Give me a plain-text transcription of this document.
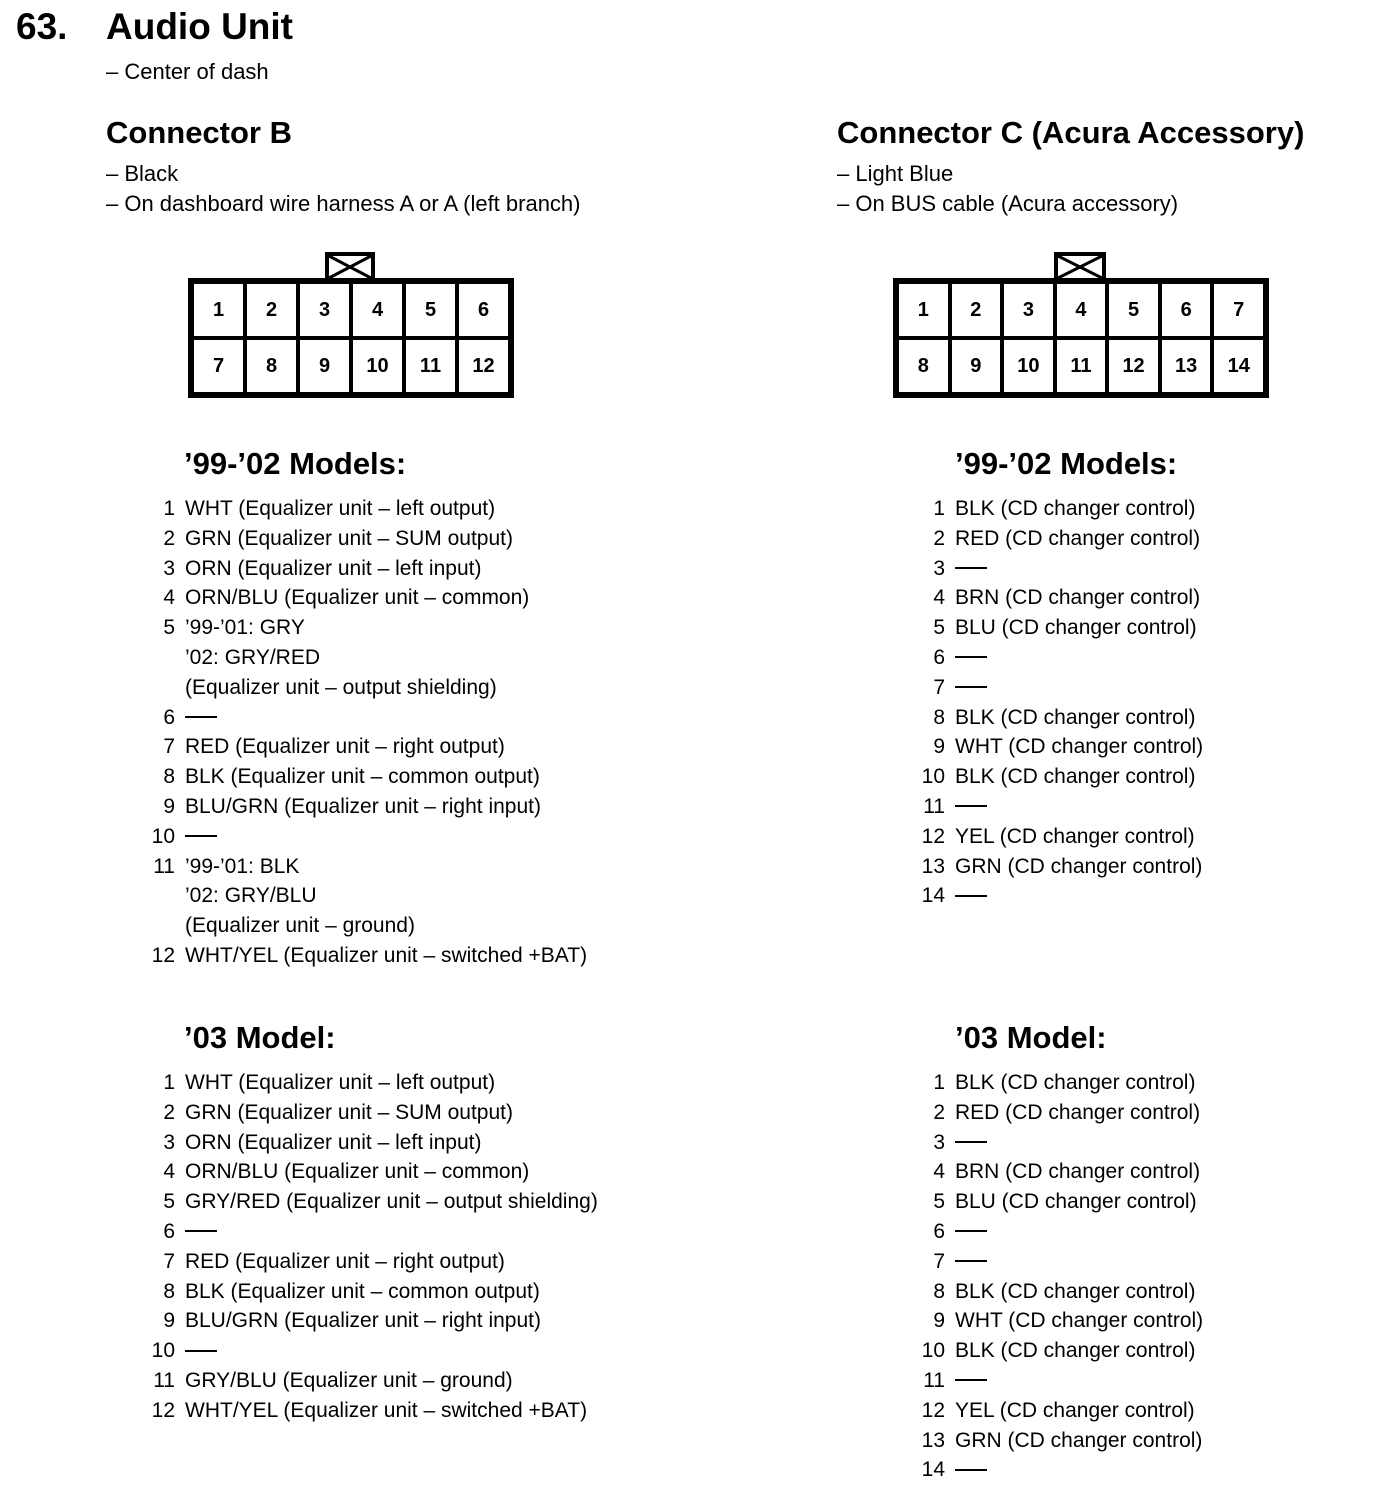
63. Audio Unit
– Center of dash
Connector B
– Black
– On dashboard wire harness A or A (left branch)
Connector C (Acura Accessory)
– Light Blue
– On BUS cable (Acura accessory)
1	2	3	4	5	6
7	8	9	10	11	12
1	2	3	4	5	6	7
8	9	10	11	12	13	14
’99-’02 Models:
1 WHT (Equalizer unit – left output)
2 GRN (Equalizer unit – SUM output)
3 ORN (Equalizer unit – left input)
4 ORN/BLU (Equalizer unit – common)
5 ’99-’01: GRY
’02: GRY/RED
(Equalizer unit – output shielding)
6
7 RED (Equalizer unit – right output)
8 BLK (Equalizer unit – common output)
9 BLU/GRN (Equalizer unit – right input)
10
11 ’99-’01: BLK
’02: GRY/BLU
(Equalizer unit – ground)
12 WHT/YEL (Equalizer unit – switched +BAT)
’03 Model:
1 WHT (Equalizer unit – left output)
2 GRN (Equalizer unit – SUM output)
3 ORN (Equalizer unit – left input)
4 ORN/BLU (Equalizer unit – common)
5 GRY/RED (Equalizer unit – output shielding)
6
7 RED (Equalizer unit – right output)
8 BLK (Equalizer unit – common output)
9 BLU/GRN (Equalizer unit – right input)
10
11 GRY/BLU (Equalizer unit – ground)
12 WHT/YEL (Equalizer unit – switched +BAT)
’99-’02 Models:
1 BLK (CD changer control)
2 RED (CD changer control)
3
4 BRN (CD changer control)
5 BLU (CD changer control)
6
7
8 BLK (CD changer control)
9 WHT (CD changer control)
10 BLK (CD changer control)
11
12 YEL (CD changer control)
13 GRN (CD changer control)
14
’03 Model:
1 BLK (CD changer control)
2 RED (CD changer control)
3
4 BRN (CD changer control)
5 BLU (CD changer control)
6
7
8 BLK (CD changer control)
9 WHT (CD changer control)
10 BLK (CD changer control)
11
12 YEL (CD changer control)
13 GRN (CD changer control)
14
